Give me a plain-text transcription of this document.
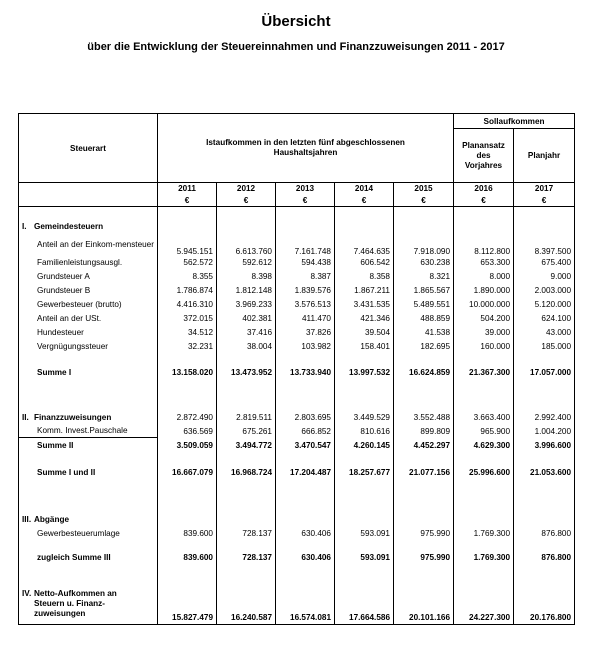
Übersicht
über die Entwicklung der Steuereinnahmen und Finanzzuweisungen 2011 - 2017
Steuerart	Istaufkommen in den letzten fünf abgeschlossenen Haushaltsjahren					Sollaufkommen	
						Planansatz des Vorjahres	Planjahr
	2011	2012	2013	2014	2015	2016	2017
	€	€	€	€	€	€	€

I. Gemeindesteuern							
Anteil an der Einkom-mensteuer	5.945.151	6.613.760	7.161.748	7.464.635	7.918.090	8.112.800	8.397.500
Familienleistungsausgl.	562.572	592.612	594.438	606.542	630.238	653.300	675.400
Grundsteuer A	8.355	8.398	8.387	8.358	8.321	8.000	9.000
Grundsteuer B	1.786.874	1.812.148	1.839.576	1.867.211	1.865.567	1.890.000	2.003.000
Gewerbesteuer (brutto)	4.416.310	3.969.233	3.576.513	3.431.535	5.489.551	10.000.000	5.120.000
Anteil an der USt.	372.015	402.381	411.470	421.346	488.859	504.200	624.100
Hundesteuer	34.512	37.416	37.826	39.504	41.538	39.000	43.000
Vergnügungssteuer	32.231	38.004	103.982	158.401	182.695	160.000	185.000
Summe I	13.158.020	13.473.952	13.733.940	13.997.532	16.624.859	21.367.300	17.057.000

II. Finanzzuweisungen	2.872.490	2.819.511	2.803.695	3.449.529	3.552.488	3.663.400	2.992.400
Komm. Invest.Pauschale	636.569	675.261	666.852	810.616	899.809	965.900	1.004.200
Summe II	3.509.059	3.494.772	3.470.547	4.260.145	4.452.297	4.629.300	3.996.600
Summe I und II	16.667.079	16.968.724	17.204.487	18.257.677	21.077.156	25.996.600	21.053.600

III. Abgänge							
Gewerbesteuerumlage	839.600	728.137	630.406	593.091	975.990	1.769.300	876.800
zugleich Summe III	839.600	728.137	630.406	593.091	975.990	1.769.300	876.800

IV. Netto-Aufkommen an Steuern u. Finanz-zuweisungen	15.827.479	16.240.587	16.574.081	17.664.586	20.101.166	24.227.300	20.176.800
